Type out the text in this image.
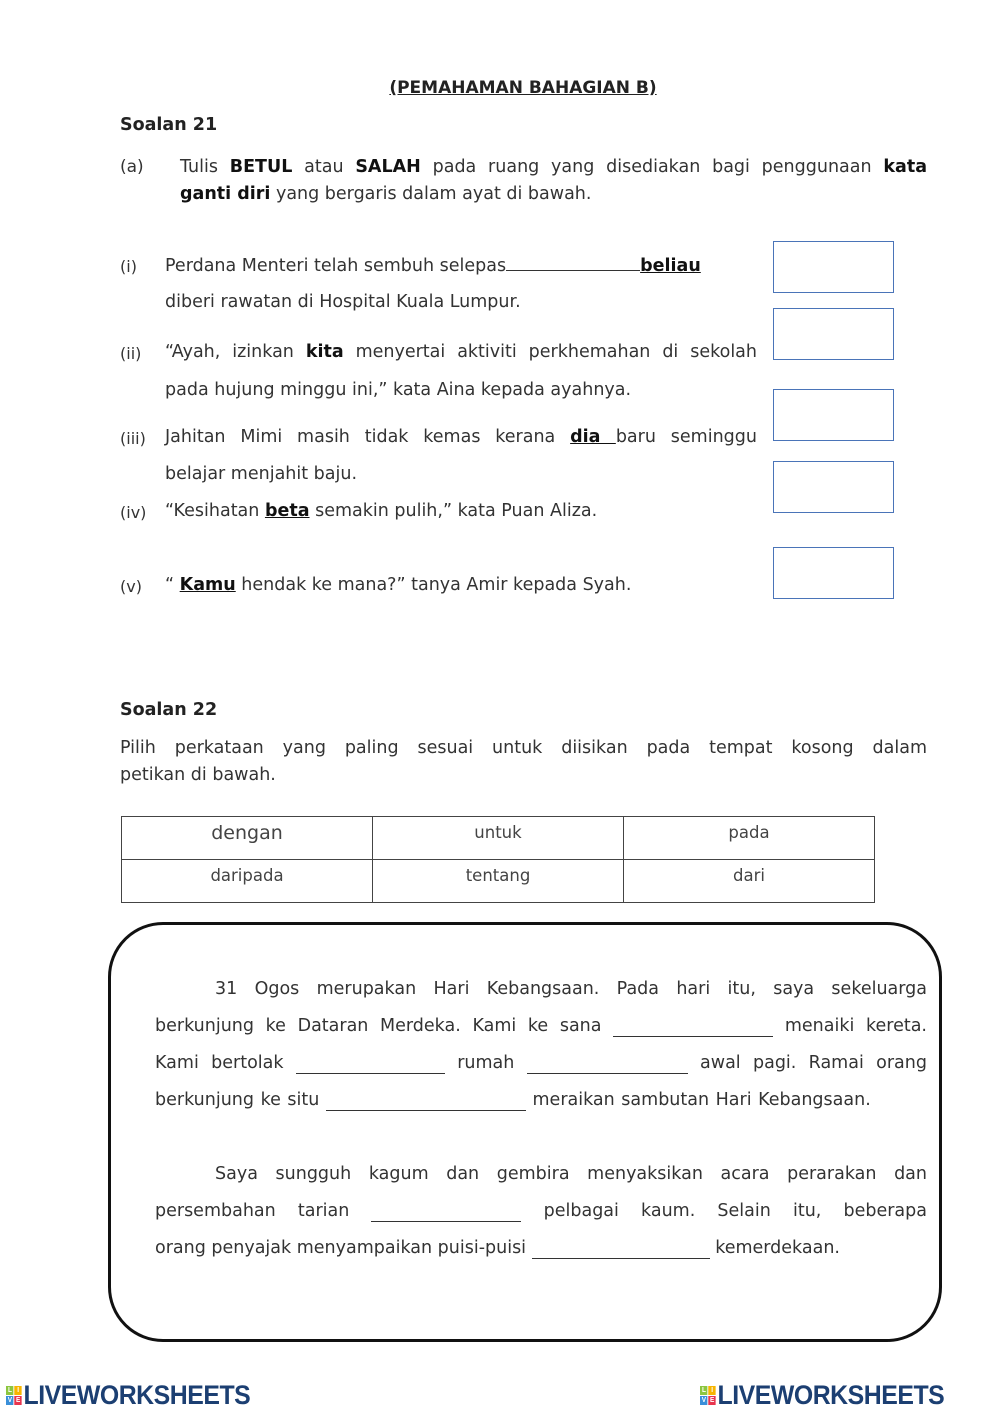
(PEMAHAMAN BAHAGIAN B)
Soalan 21
(a) Tulis BETUL atau SALAH pada ruang yang disediakan bagi penggunaan kata
ganti diri yang bergaris dalam ayat di bawah.
(i) Perdana Menteri telah sembuh selepas	beliau
diberi rawatan di Hospital Kuala Lumpur.
(ii) “Ayah, izinkan kita menyertai aktiviti perkhemahan di sekolah
pada hujung minggu ini,” kata Aina kepada ayahnya.
(iii) Jahitan Mimi masih tidak kemas kerana dia baru seminggu
belajar menjahit baju.
(iv) “Kesihatan beta semakin pulih,” kata Puan Aliza.
(v) “ Kamu hendak ke mana?” tanya Amir kepada Syah.
Soalan 22
Pilih perkataan yang paling sesuai untuk diisikan pada tempat kosong dalam
petikan di bawah.
dengan	untuk	pada
daripada	tentang	dari
31 Ogos merupakan Hari Kebangsaan. Pada hari itu, saya sekeluarga
berkunjung ke Dataran Merdeka. Kami ke sana	menaiki kereta.
Kami bertolak	rumah	awal pagi. Ramai orang
berkunjung ke situ	meraikan sambutan Hari Kebangsaan.
Saya sungguh kagum dan gembira menyaksikan acara perarakan dan
persembahan tarian	pelbagai kaum. Selain itu, beberapa
orang penyajak menyampaikan puisi-puisi	kemerdekaan.
L I
V E LIVEWORKSHEETS	L I
V E LIVEWORKSHEETS
